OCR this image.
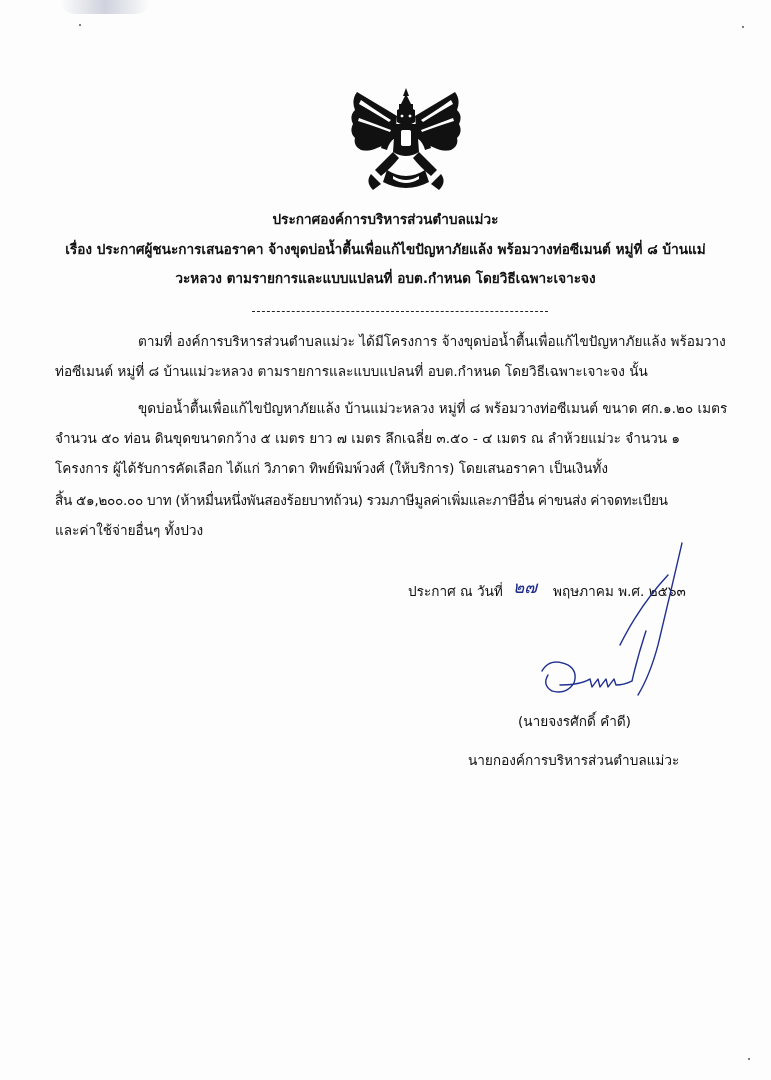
ประกาศองค์การบริหารส่วนตำบลแม่วะ
เรื่อง ประกาศผู้ชนะการเสนอราคา จ้างขุดบ่อน้ำตื้นเพื่อแก้ไขปัญหาภัยแล้ง พร้อมวางท่อซีเมนต์ หมู่ที่ ๘ บ้านแม่
วะหลวง ตามรายการและแบบแปลนที่ อบต.กำหนด โดยวิธีเฉพาะเจาะจง
ตามที่ องค์การบริหารส่วนตำบลแม่วะ ได้มีโครงการ จ้างขุดบ่อน้ำตื้นเพื่อแก้ไขปัญหาภัยแล้ง พร้อมวาง
ท่อซีเมนต์ หมู่ที่ ๘ บ้านแม่วะหลวง ตามรายการและแบบแปลนที่ อบต.กำหนด โดยวิธีเฉพาะเจาะจง นั้น
ขุดบ่อน้ำตื้นเพื่อแก้ไขปัญหาภัยแล้ง บ้านแม่วะหลวง หมู่ที่ ๘ พร้อมวางท่อซีเมนต์ ขนาด ศก.๑.๒๐ เมตร
จำนวน ๕๐ ท่อน ดินขุดขนาดกว้าง ๕ เมตร ยาว ๗ เมตร ลึกเฉลี่ย ๓.๕๐ - ๔ เมตร ณ ลำห้วยแม่วะ จำนวน ๑
โครงการ ผู้ได้รับการคัดเลือก ได้แก่ วิภาดา ทิพย์พิมพ์วงศ์ (ให้บริการ) โดยเสนอราคา เป็นเงินทั้ง
สิ้น ๕๑,๒๐๐.๐๐ บาท (ห้าหมื่นหนึ่งพันสองร้อยบาทถ้วน) รวมภาษีมูลค่าเพิ่มและภาษีอื่น ค่าขนส่ง ค่าจดทะเบียน
และค่าใช้จ่ายอื่นๆ ทั้งปวง
ประกาศ ณ วันที่ ๒๗	พฤษภาคม พ.ศ. ๒๕๖๓
(นายจงรศักดิ์ คำดี)
นายกองค์การบริหารส่วนตำบลแม่วะ
